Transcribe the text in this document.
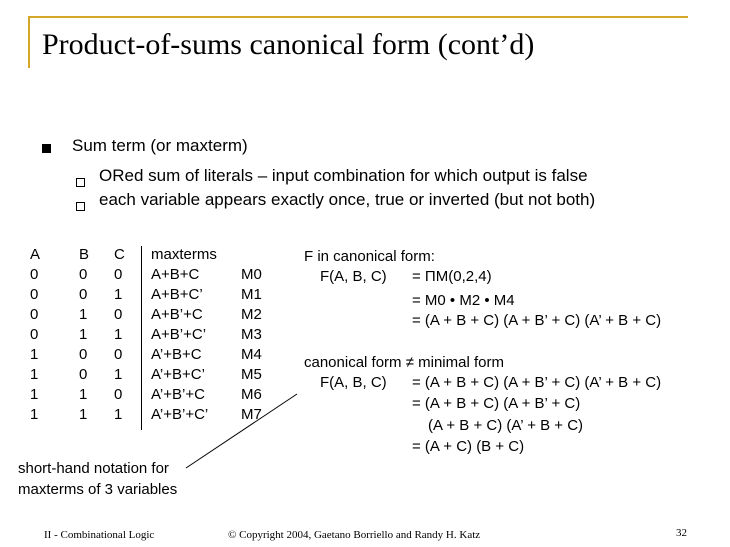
Product-of-sums canonical form (cont’d)
Sum term (or maxterm)
ORed sum of literals – input combination for which output is false
each variable appears exactly once, true or inverted (but not both)
A	B C maxterms
0	0 0 A+B+C	M0
0	0 1 A+B+C’	M1
0	1 0 A+B’+C	M2
0	1 1 A+B’+C’ M3
1	0 0 A’+B+C	M4
1	0 1 A’+B+C’ M5
1	1 0 A’+B’+C M6
1	1 1 A’+B’+C’ M7
F in canonical form:
F(A, B, C) = ΠM(0,2,4)
= M0 • M2 • M4
= (A + B + C) (A + B’ + C) (A’ + B + C)
canonical form ≠ minimal form
F(A, B, C) = (A + B + C) (A + B’ + C) (A’ + B + C)
= (A + B + C) (A + B’ + C)
(A + B + C) (A’ + B + C)
= (A + C) (B + C)
short-hand notation for
maxterms of 3 variables
II - Combinational Logic	© Copyright 2004, Gaetano Borriello and Randy H. Katz	32
